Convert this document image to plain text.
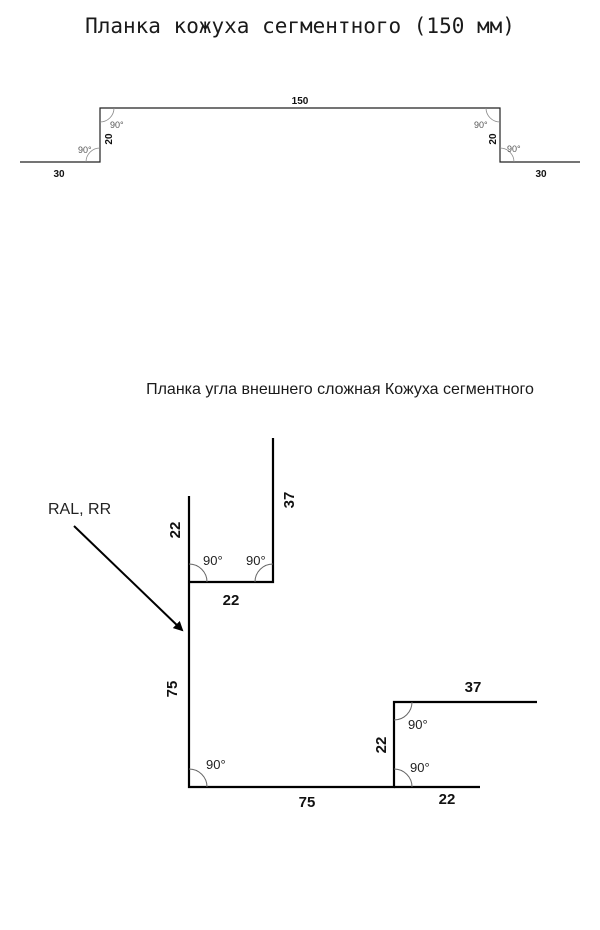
Планка кожуха сегментного (150 мм)
150
30	30
20	20
90°
90°
90°
90°
Планка угла внешнего сложная Кожуха сегментного
RAL, RR
22
37
22
75
75
22
37
22
90° 90°
90°
90°
90°
